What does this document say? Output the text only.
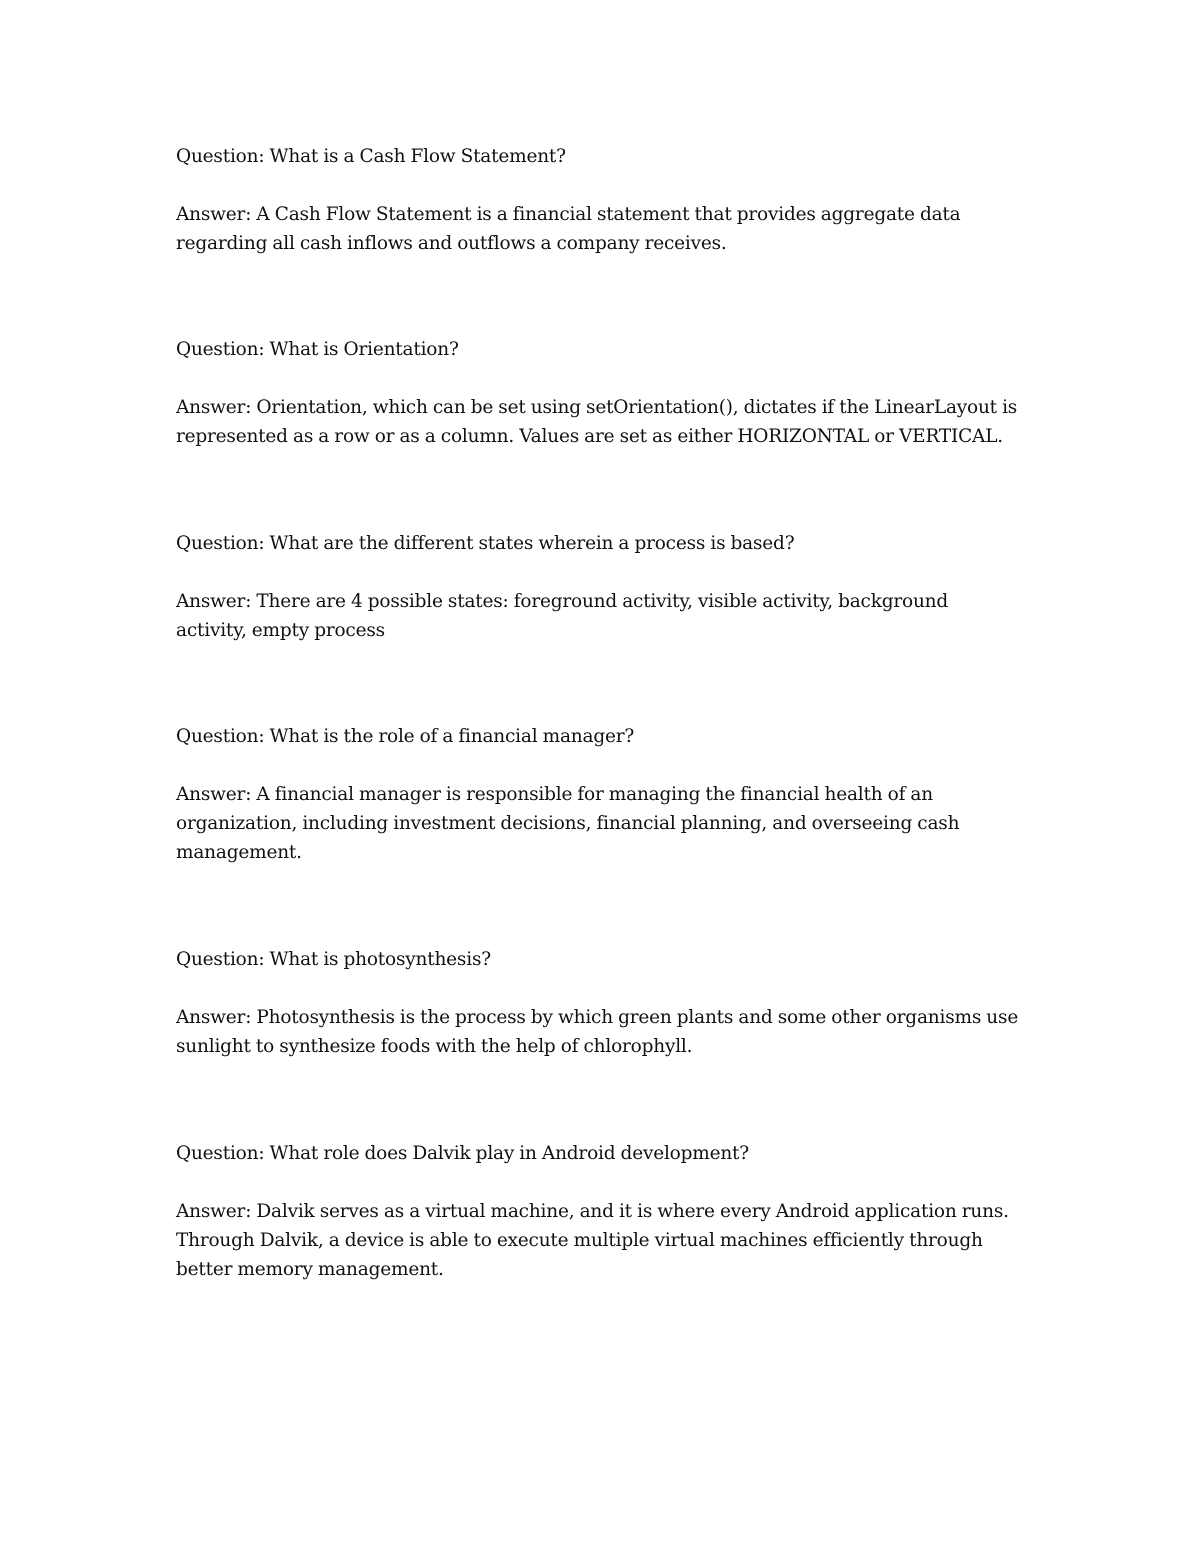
Question: What is a Cash Flow Statement?

Answer: A Cash Flow Statement is a financial statement that provides aggregate data
regarding all cash inflows and outflows a company receives.

Question: What is Orientation?

Answer: Orientation, which can be set using setOrientation(), dictates if the LinearLayout is
represented as a row or as a column. Values are set as either HORIZONTAL or VERTICAL.

Question: What are the different states wherein a process is based?

Answer: There are 4 possible states: foreground activity, visible activity, background
activity, empty process

Question: What is the role of a financial manager?

Answer: A financial manager is responsible for managing the financial health of an
organization, including investment decisions, financial planning, and overseeing cash
management.

Question: What is photosynthesis?

Answer: Photosynthesis is the process by which green plants and some other organisms use
sunlight to synthesize foods with the help of chlorophyll.

Question: What role does Dalvik play in Android development?

Answer: Dalvik serves as a virtual machine, and it is where every Android application runs.
Through Dalvik, a device is able to execute multiple virtual machines efficiently through
better memory management.
